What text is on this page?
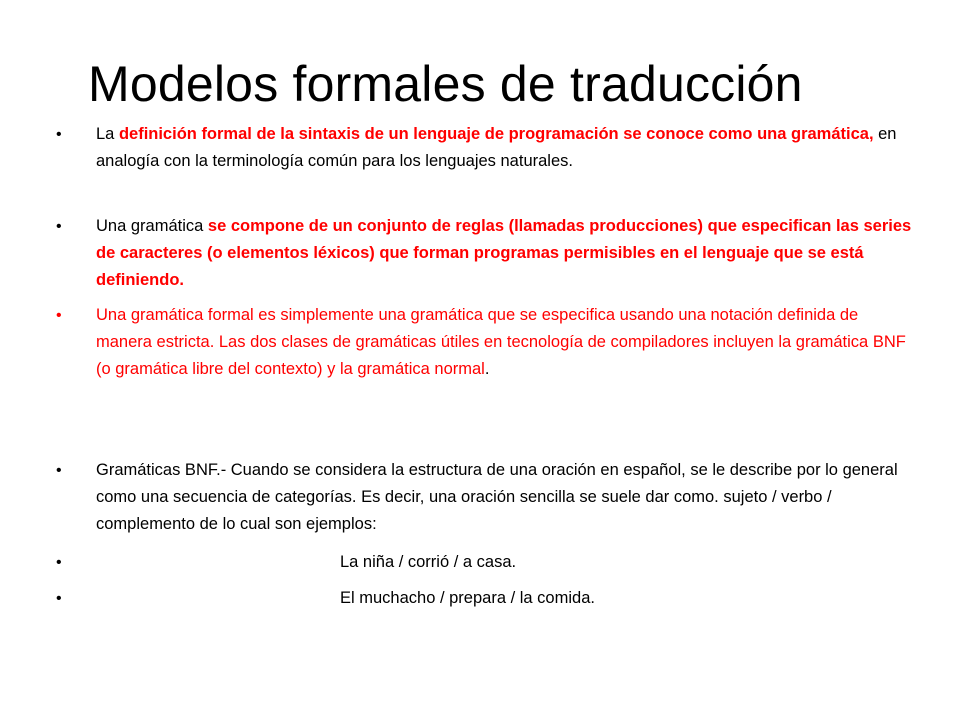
Modelos formales de traducción
•	La definición formal de la sintaxis de un lenguaje de programación se conoce como una gramática, en analogía con la terminología común para los lenguajes naturales.
•	Una gramática se compone de un conjunto de reglas (llamadas producciones) que especifican las series de caracteres (o elementos léxicos) que forman programas permisibles en el lenguaje que se está definiendo.
•	Una gramática formal es simplemente una gramática que se especifica usando una notación definida de manera estricta. Las dos clases de gramáticas útiles en tecnología de compiladores incluyen la gramática BNF (o gramática libre del contexto) y la gramática normal.
•	Gramáticas BNF.- Cuando se considera la estructura de una oración en español, se le describe por lo general como una secuencia de categorías. Es decir, una oración sencilla se suele dar como. sujeto / verbo / complemento de lo cual son ejemplos:
•	La niña / corrió / a casa.
•	El muchacho / prepara / la comida.
